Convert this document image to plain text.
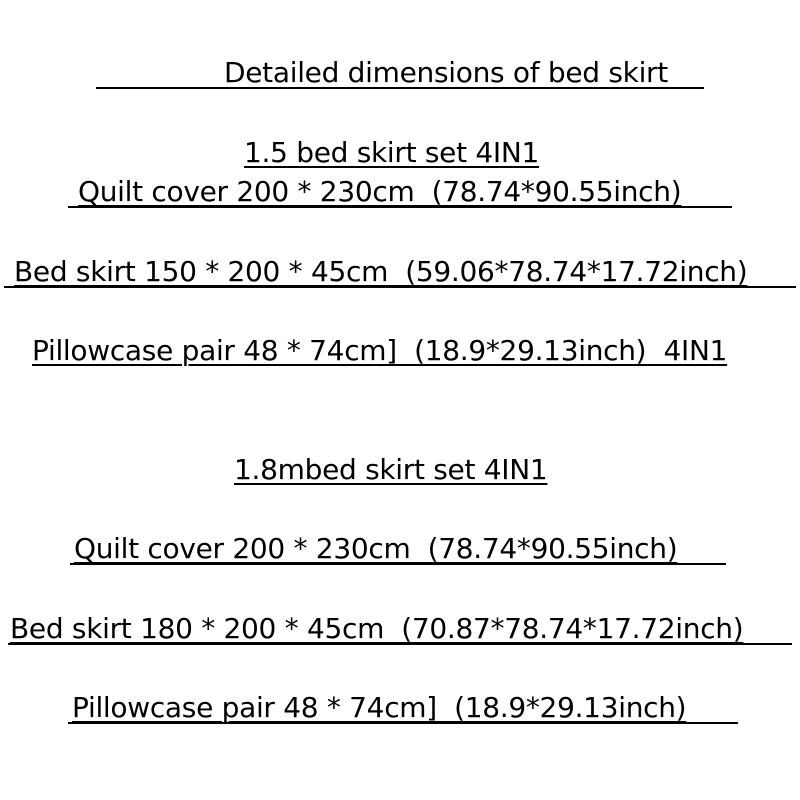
Detailed dimensions of bed skirt
1.5 bed skirt set 4IN1
Quilt cover 200 * 230cm  (78.74*90.55inch)
Bed skirt 150 * 200 * 45cm  (59.06*78.74*17.72inch)
Pillowcase pair 48 * 74cm]  (18.9*29.13inch)  4IN1
1.8mbed skirt set 4IN1
Quilt cover 200 * 230cm  (78.74*90.55inch)
Bed skirt 180 * 200 * 45cm  (70.87*78.74*17.72inch)
Pillowcase pair 48 * 74cm]  (18.9*29.13inch)
